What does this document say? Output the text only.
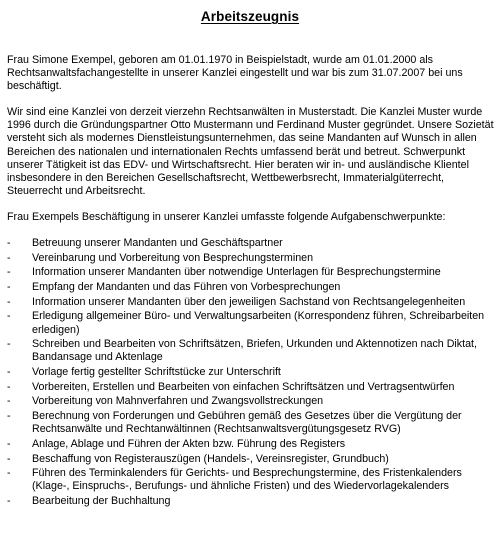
Arbeitszeugnis

Frau Simone Exempel, geboren am 01.01.1970 in Beispielstadt, wurde am 01.01.2000 als Rechtsanwaltsfachangestellte in unserer Kanzlei eingestellt und war bis zum 31.07.2007 bei uns beschäftigt.

Wir sind eine Kanzlei von derzeit vierzehn Rechtsanwälten in Musterstadt. Die Kanzlei Muster wurde 1996 durch die Gründungspartner Otto Mustermann und Ferdinand Muster gegründet. Unsere Sozietät versteht sich als modernes Dienstleistungsunternehmen, das seine Mandanten auf Wunsch in allen Bereichen des nationalen und internationalen Rechts umfassend berät und betreut. Schwerpunkt unserer Tätigkeit ist das EDV- und Wirtschaftsrecht. Hier beraten wir in- und ausländische Klientel insbesondere in den Bereichen Gesellschaftsrecht, Wettbewerbsrecht, Immaterialgüterrecht, Steuerrecht und Arbeitsrecht.

Frau Exempels Beschäftigung in unserer Kanzlei umfasste folgende Aufgabenschwerpunkte:

- Betreuung unserer Mandanten und Geschäftspartner
- Vereinbarung und Vorbereitung von Besprechungsterminen
- Information unserer Mandanten über notwendige Unterlagen für Besprechungstermine
- Empfang der Mandanten und das Führen von Vorbesprechungen
- Information unserer Mandanten über den jeweiligen Sachstand von Rechtsangelegenheiten
- Erledigung allgemeiner Büro- und Verwaltungsarbeiten (Korrespondenz führen, Schreibarbeiten erledigen)
- Schreiben und Bearbeiten von Schriftsätzen, Briefen, Urkunden und Aktennotizen nach Diktat, Bandansage und Aktenlage
- Vorlage fertig gestellter Schriftstücke zur Unterschrift
- Vorbereiten, Erstellen und Bearbeiten von einfachen Schriftsätzen und Vertragsentwürfen
- Vorbereitung von Mahnverfahren und Zwangsvollstreckungen
- Berechnung von Forderungen und Gebühren gemäß des Gesetzes über die Vergütung der Rechtsanwälte und Rechtanwältinnen (Rechtsanwaltsvergütungsgesetz RVG)
- Anlage, Ablage und Führen der Akten bzw. Führung des Registers
- Beschaffung von Registerauszügen (Handels-, Vereinsregister, Grundbuch)
- Führen des Terminkalenders für Gerichts- und Besprechungstermine, des Fristenkalenders (Klage-, Einspruchs-, Berufungs- und ähnliche Fristen) und des Wiedervorlagekalenders
- Bearbeitung der Buchhaltung
